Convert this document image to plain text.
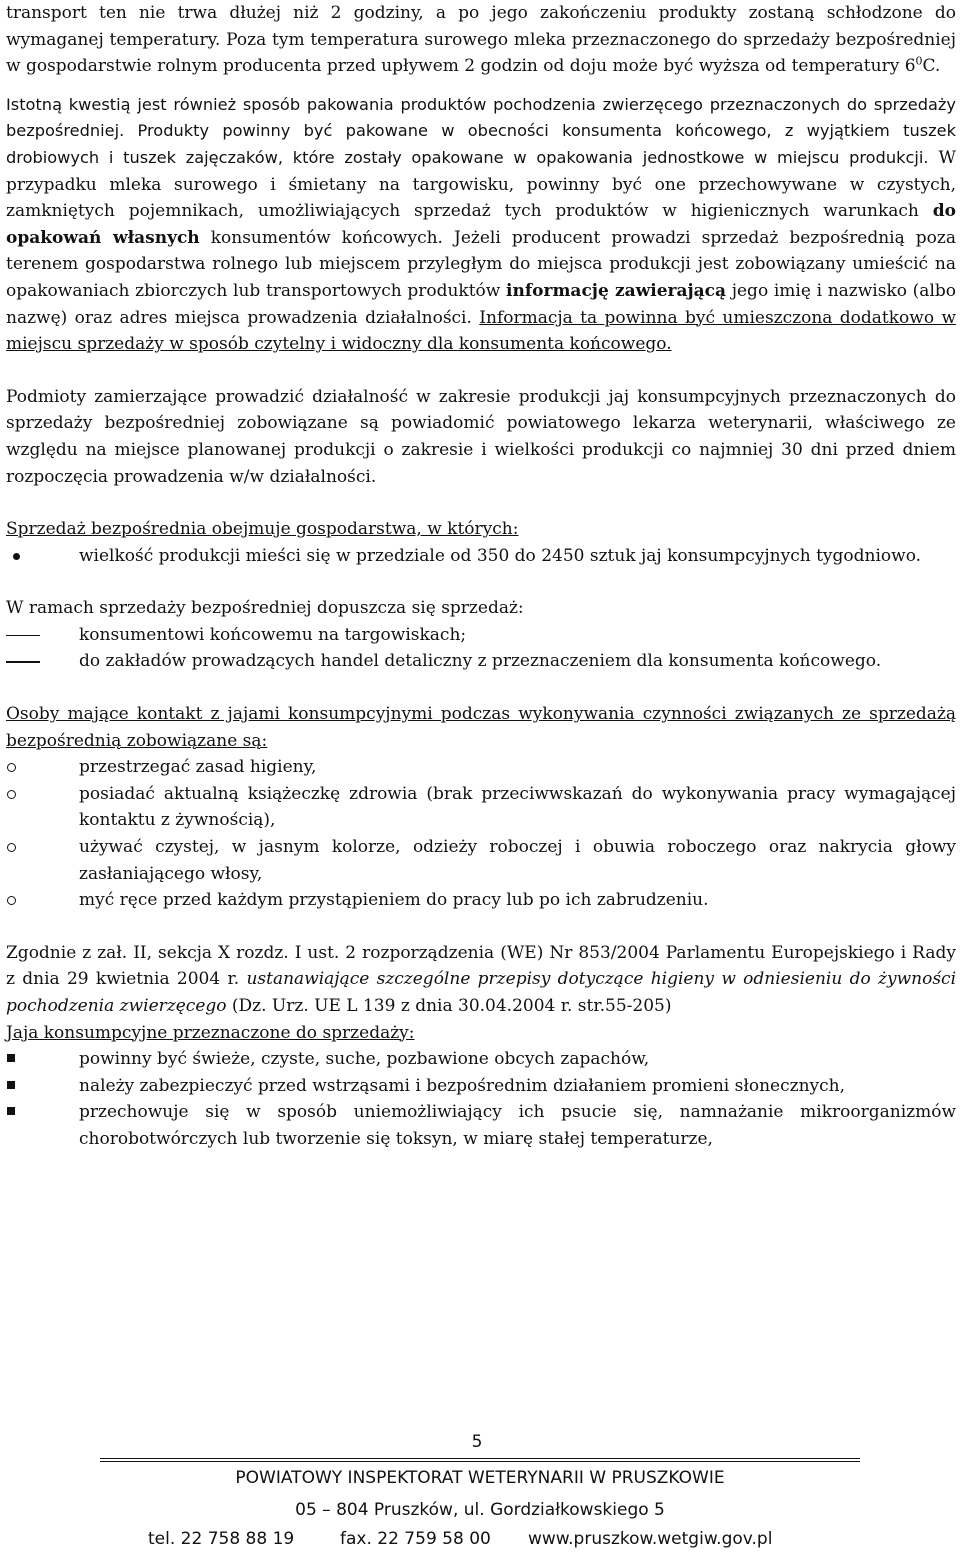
transport ten nie trwa dłużej niż 2 godziny, a po jego zakończeniu produkty zostaną schłodzone do wymaganej temperatury. Poza tym temperatura surowego mleka przeznaczonego do sprzedaży bezpośredniej w gospodarstwie rolnym producenta przed upływem 2 godzin od doju może być wyższa od temperatury $6^0C$.

Istotną kwestią jest również sposób pakowania produktów pochodzenia zwierzęcego przeznaczonych do sprzedaży bezpośredniej. Produkty powinny być pakowane w obecności konsumenta końcowego, z wyjątkiem tuszek drobiowych i tuszek zajęczaków, które zostały opakowane w opakowania jednostkowe w miejscu produkcji. W przypadku mleka surowego i śmietany na targowisku, powinny być one przechowywane w czystych, zamkniętych pojemnikach, umożliwiających sprzedaż tych produktów w higienicznych warunkach do opakowań własnych konsumentów końcowych. Jeżeli producent prowadzi sprzedaż bezpośrednią poza terenem gospodarstwa rolnego lub miejscem przyległym do miejsca produkcji jest zobowiązany umieścić na opakowaniach zbiorczych lub transportowych produktów informację zawierającą jego imię i nazwisko (albo nazwę) oraz adres miejsca prowadzenia działalności. Informacja ta powinna być umieszczona dodatkowo w miejscu sprzedaży w sposób czytelny i widoczny dla konsumenta końcowego.

Podmioty zamierzające prowadzić działalność w zakresie produkcji jaj konsumpcyjnych przeznaczonych do sprzedaży bezpośredniej zobowiązane są powiadomić powiatowego lekarza weterynarii, właściwego ze względu na miejsce planowanej produkcji o zakresie i wielkości produkcji co najmniej 30 dni przed dniem rozpoczęcia prowadzenia w/w działalności.

Sprzedaż bezpośrednia obejmuje gospodarstwa, w których:

wielkość produkcji mieści się w przedziale od 350 do 2450 sztuk jaj konsumpcyjnych tygodniowo.

W ramach sprzedaży bezpośredniej dopuszcza się sprzedaż:

konsumentowi końcowemu na targowiskach;
do zakładów prowadzących handel detaliczny z przeznaczeniem dla konsumenta końcowego.

Osoby mające kontakt z jajami konsumpcyjnymi podczas wykonywania czynności związanych ze sprzedażą bezpośrednią zobowiązane są:

przestrzegać zasad higieny,
posiadać aktualną książeczkę zdrowia (brak przeciwwskazań do wykonywania pracy wymagającej kontaktu z żywnością),
używać czystej, w jasnym kolorze, odzieży roboczej i obuwia roboczego oraz nakrycia głowy zasłaniającego włosy,
myć ręce przed każdym przystąpieniem do pracy lub po ich zabrudzeniu.

Zgodnie z zał. II, sekcja X rozdz. I ust. 2 rozporządzenia (WE) Nr 853/2004 Parlamentu Europejskiego i Rady z dnia 29 kwietnia 2004 r. ustanawiające szczególne przepisy dotyczące higieny w odniesieniu do żywności pochodzenia zwierzęcego (Dz. Urz. UE L 139 z dnia 30.04.2004 r. str.55-205)

Jaja konsumpcyjne przeznaczone do sprzedaży:

powinny być świeże, czyste, suche, pozbawione obcych zapachów,
należy zabezpieczyć przed wstrząsami i bezpośrednim działaniem promieni słonecznych,
przechowuje się w sposób uniemożliwiający ich psucie się, namnażanie mikroorganizmów chorobotwórczych lub tworzenie się toksyn, w miarę stałej temperaturze,
5
POWIATOWY INSPEKTORAT WETERYNARII W PRUSZKOWIE
05 – 804 Pruszków, ul. Gordziałkowskiego 5
tel. 22 758 88 19	fax. 22 759 58 00 www.pruszkow.wetgiw.gov.pl
